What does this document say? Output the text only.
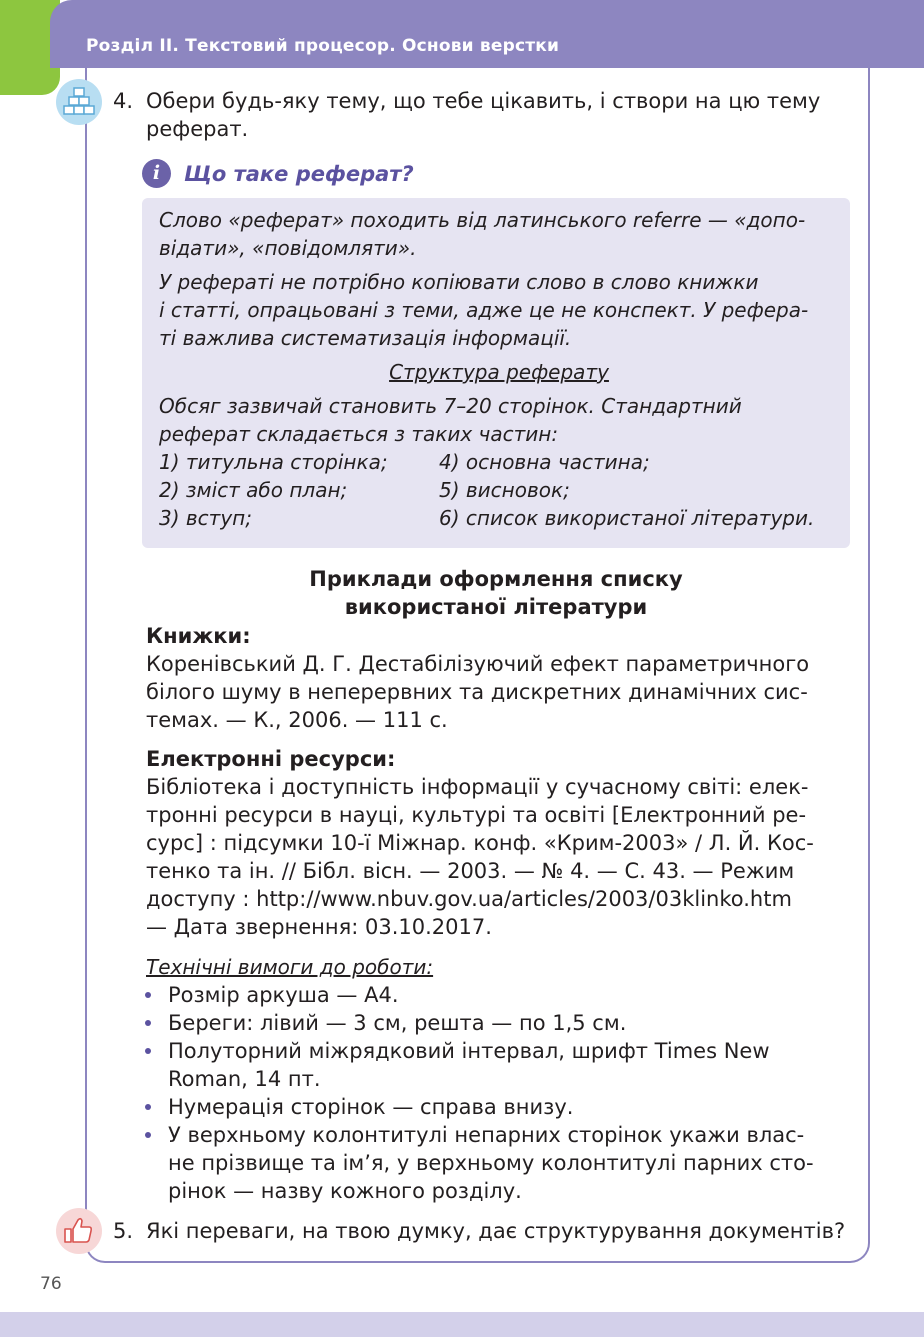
Розділ II. Текстовий процесор. Основи верстки
4. Обери будь-яку тему, що тебе цікавить, і створи на цю тему
реферат.
i	Що таке реферат?
Слово «реферат» походить від латинського referre — «допо-
відати», «повідомляти».
У рефераті не потрібно копіювати слово в слово книжки
і статті, опрацьовані з теми, адже це не конспект. У рефера-
ті важлива систематизація інформації.
Структура реферату
Обсяг зазвичай становить 7–20 сторінок. Стандартний
реферат складається з таких частин:
1) титульна сторінка;
2) зміст або план;
3) вступ;
4) основна частина;
5) висновок;
6) список використаної літератури.
Приклади оформлення списку
використаної літератури
Книжки:
Коренівський Д. Г. Дестабілізуючий ефект параметричного
білого шуму в неперервних та дискретних динамічних сис-
темах. — К., 2006. — 111 с.
Електронні ресурси:
Бібліотека і доступність інформації у сучасному світі: елек-
тронні ресурси в науці, культурі та освіті [Електронний ре-
сурс] : підсумки 10-ї Міжнар. конф. «Крим-2003» / Л. Й. Кос-
тенко та ін. // Бібл. вісн. — 2003. — № 4. — С. 43. — Режим
доступу : http://www.nbuv.gov.ua/articles/2003/03klinko.htm
— Дата звернення: 03.10.2017.
Технічні вимоги до роботи:
Розмір аркуша — А4.
Береги: лівий — 3 см, решта — по 1,5 см.
Полуторний міжрядковий інтервал, шрифт Times New
Roman, 14 пт.
Нумерація сторінок — справа внизу.
У верхньому колонтитулі непарних сторінок укажи влас-
не прізвище та ім’я, у верхньому колонтитулі парних сто-
рінок — назву кожного розділу.
5. Які переваги, на твою думку, дає структурування документів?
76
